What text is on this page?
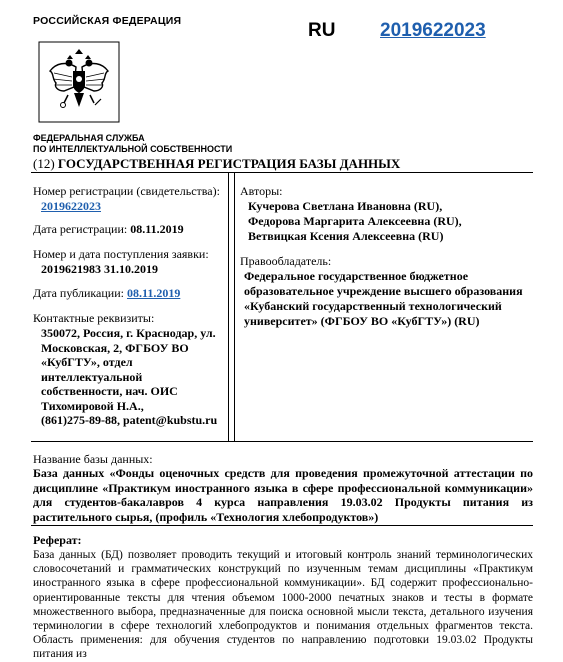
РОССИЙСКАЯ ФЕДЕРАЦИЯ	RU 2019622023
ФЕДЕРАЛЬНАЯ СЛУЖБА
ПО ИНТЕЛЛЕКТУАЛЬНОЙ СОБСТВЕННОСТИ
(12) ГОСУДАРСТВЕННАЯ РЕГИСТРАЦИЯ БАЗЫ ДАННЫХ
Номер регистрации (свидетельства):
2019622023
Дата регистрации: 08.11.2019
Номер и дата поступления заявки:
2019621983 31.10.2019
Дата публикации: 08.11.2019
Контактные реквизиты:
350072, Россия, г. Краснодар, ул.
Московская, 2, ФГБОУ ВО
«КубГТУ», отдел
интеллектуальной
собственности, нач. ОИС
Тихомировой Н.А.,
(861)275-89-88, patent@kubstu.ru
Авторы:
Кучерова Светлана Ивановна (RU),
Федорова Маргарита Алексеевна (RU),
Ветвицкая Ксения Алексеевна (RU)
Правообладатель:
Федеральное государственное бюджетное
образовательное учреждение высшего образования
«Кубанский государственный технологический
университет» (ФГБОУ ВО «КубГТУ») (RU)
Название базы данных:
База данных «Фонды оценочных средств для проведения промежуточной аттестации по дисциплине «Практикум иностранного языка в сфере профессиональной коммуникации» для студентов-бакалавров 4 курса направления 19.03.02 Продукты питания из растительного сырья, (профиль «Технология хлебопродуктов»)
Реферат:
База данных (БД) позволяет проводить текущий и итоговый контроль знаний терминологических словосочетаний и грамматических конструкций по изученным темам дисциплины «Практикум иностранного языка в сфере профессиональной коммуникации». БД содержит профессионально-ориентированные тексты для чтения объемом 1000-2000 печатных знаков и тесты в формате множественного выбора, предназначенные для поиска основной мысли текста, детального изучения терминологии в сфере технологий хлебопродуктов и понимания отдельных фрагментов текста. Область применения: для обучения студентов по направлению подготовки 19.03.02 Продукты питания из
